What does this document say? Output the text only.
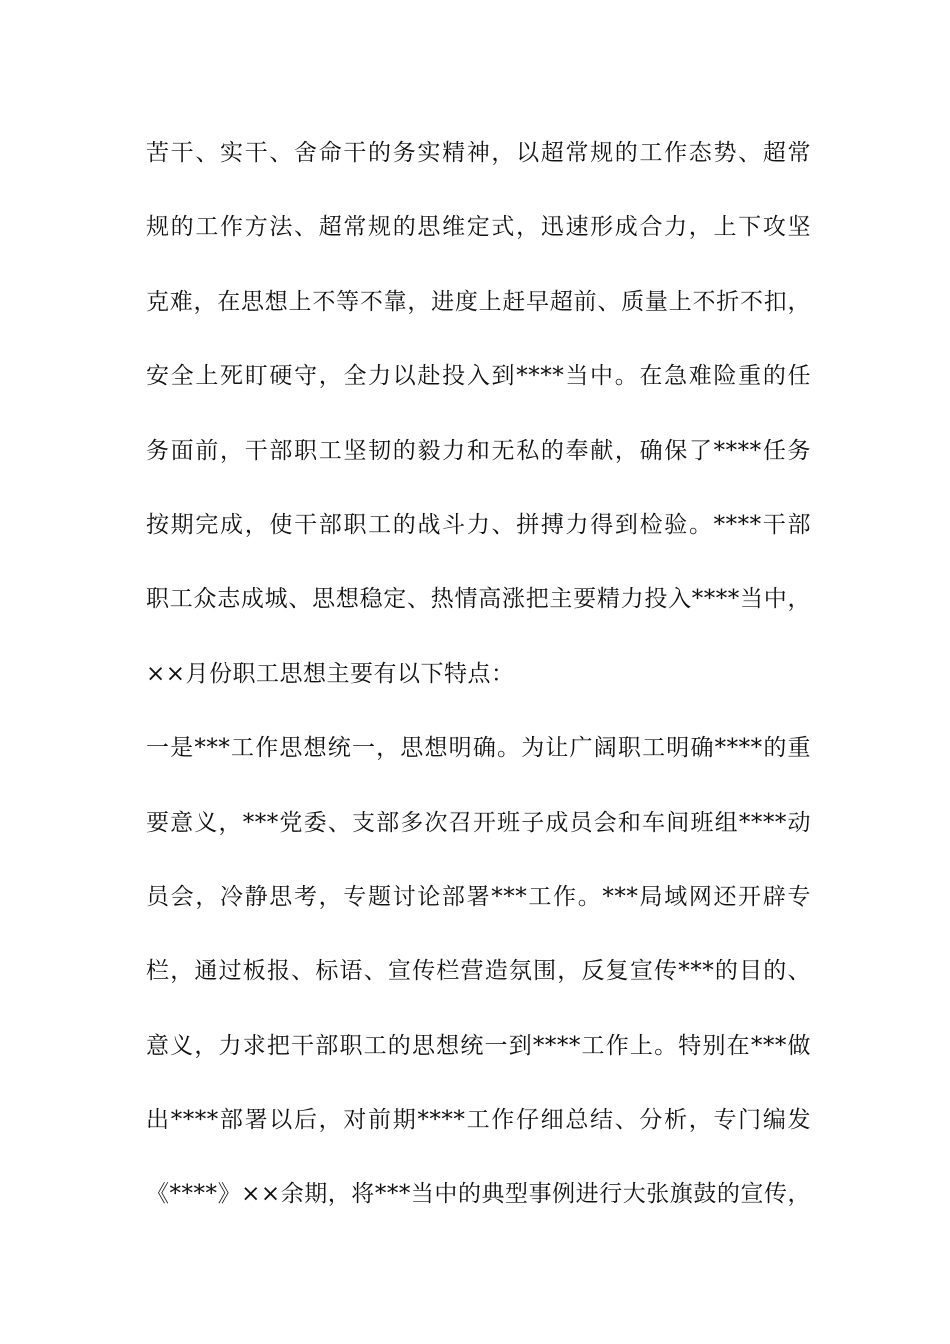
苦干、实干、舍命干的务实精神，以超常规的工作态势、超常
规的工作方法、超常规的思维定式，迅速形成合力，上下攻坚
克难，在思想上不等不靠，进度上赶早超前、质量上不折不扣，
安全上死盯硬守，全力以赴投入到****当中。在急难险重的任
务面前，干部职工坚韧的毅力和无私的奉献，确保了****任务
按期完成，使干部职工的战斗力、拼搏力得到检验。****干部
职工众志成城、思想稳定、热情高涨把主要精力投入****当中，
××月份职工思想主要有以下特点：
一是***工作思想统一，思想明确。为让广阔职工明确****的重
要意义，***党委、支部多次召开班子成员会和车间班组****动
员会，冷静思考，专题讨论部署***工作。***局域网还开辟专
栏，通过板报、标语、宣传栏营造氛围，反复宣传***的目的、
意义，力求把干部职工的思想统一到****工作上。特别在***做
出****部署以后，对前期****工作仔细总结、分析，专门编发
《****》××余期，将***当中的典型事例进行大张旗鼓的宣传，
